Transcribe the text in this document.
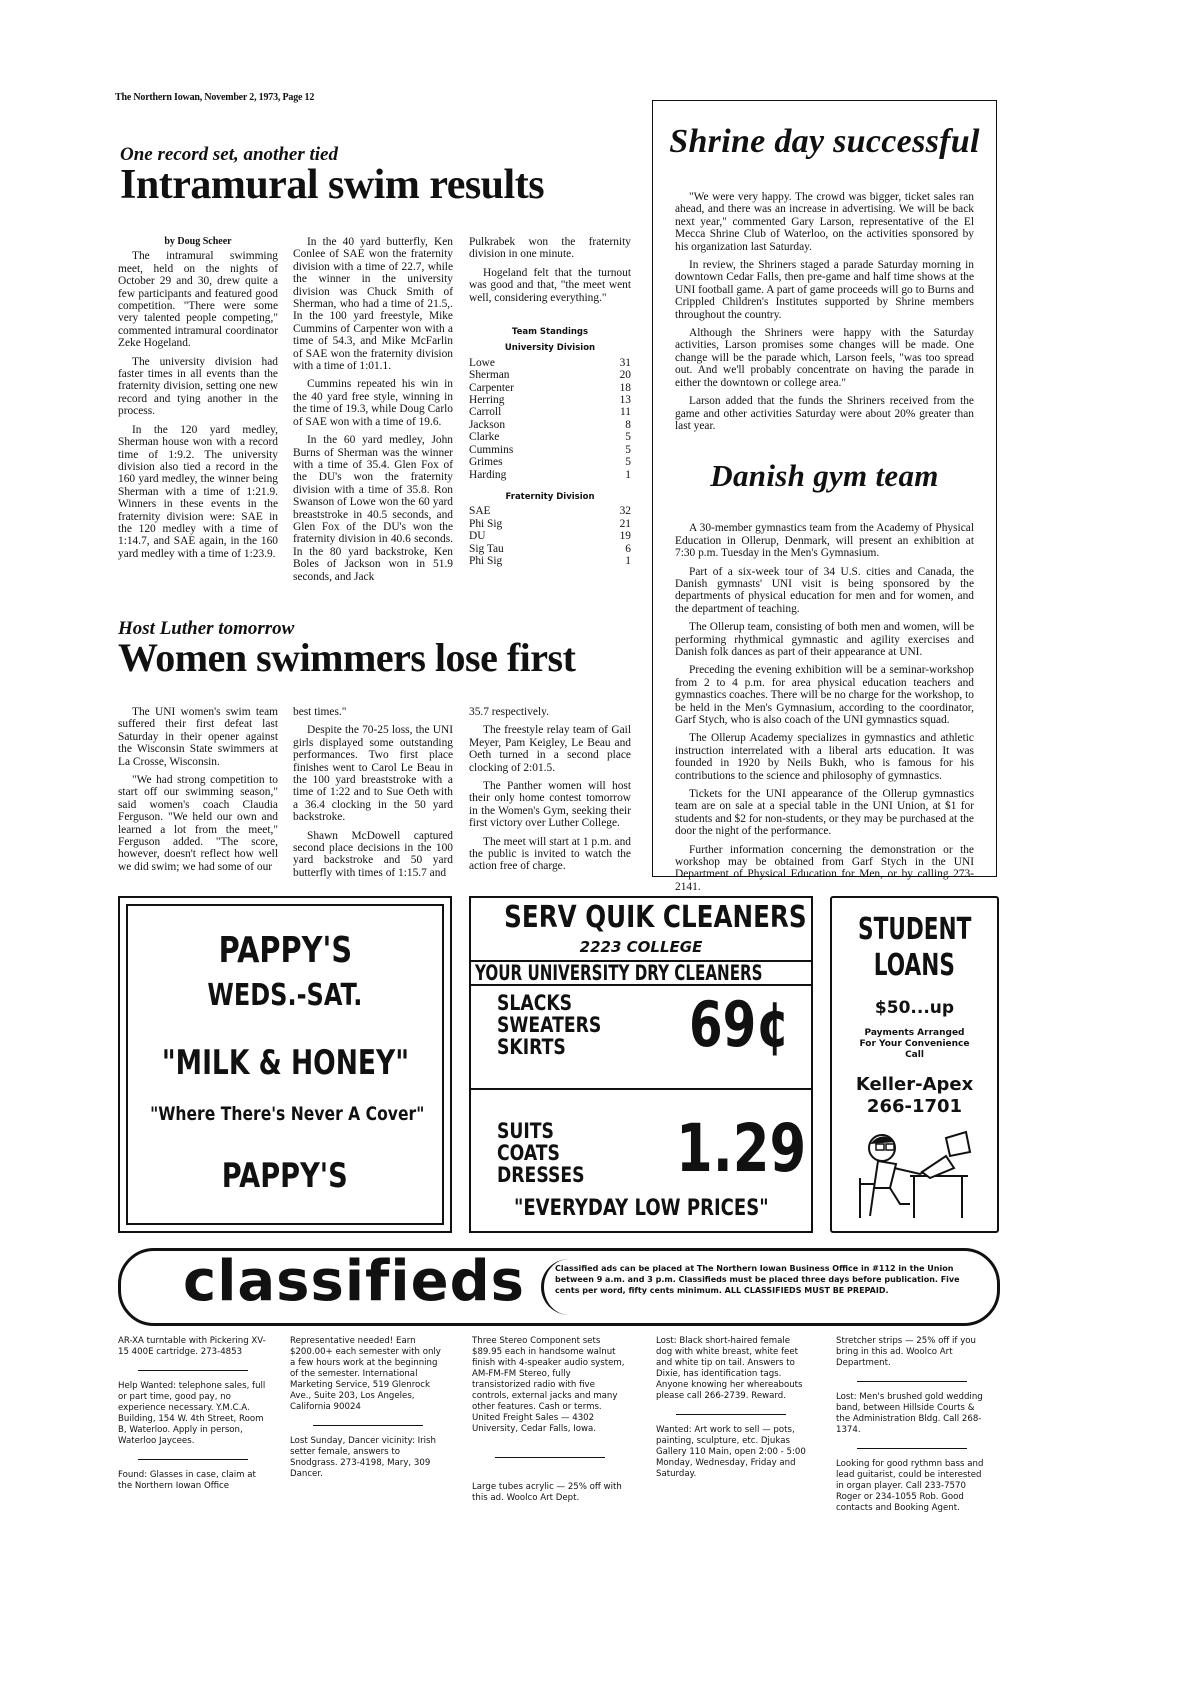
The Northern Iowan, November 2, 1973, Page 12
One record set, another tied
Intramural swim results
by Doug Scheer

The intramural swimming meet, held on the nights of October 29 and 30, drew quite a few participants and featured good competition. "There were some very talented people competing," commented intramural coordinator Zeke Hogeland.

The university division had faster times in all events than the fraternity division, setting one new record and tying another in the process.

In the 120 yard medley, Sherman house won with a record time of 1:9.2. The university division also tied a record in the 160 yard medley, the winner being Sherman with a time of 1:21.9. Winners in these events in the fraternity division were: SAE in the 120 medley with a time of 1:14.7, and SAE again, in the 160 yard medley with a time of 1:23.9.

In the 40 yard butterfly, Ken Conlee of SAE won the fraternity division with a time of 22.7, while the winner in the university division was Chuck Smith of Sherman, who had a time of 21.5,. In the 100 yard freestyle, Mike Cummins of Carpenter won with a time of 54.3, and Mike McFarlin of SAE won the fraternity division with a time of 1:01.1.

Cummins repeated his win in the 40 yard free style, winning in the time of 19.3, while Doug Carlo of SAE won with a time of 19.6.

In the 60 yard medley, John Burns of Sherman was the winner with a time of 35.4. Glen Fox of the DU's won the fraternity division with a time of 35.8. Ron Swanson of Lowe won the 60 yard breaststroke in 40.5 seconds, and Glen Fox of the DU's won the fraternity division in 40.6 seconds. In the 80 yard backstroke, Ken Boles of Jackson won in 51.9 seconds, and Jack

Pulkrabek won the fraternity division in one minute.

Hogeland felt that the turnout was good and that, "the meet went well, considering everything."

Team Standings
University Division
Lowe	31
Sherman	20
Carpenter	18
Herring	13
Carroll	11
Jackson	8
Clarke	5
Cummins	5
Grimes	5
Harding	1
Fraternity Division
SAE	32
Phi Sig	21
DU	19
Sig Tau	6
Phi Sig	1
Host Luther tomorrow
Women swimmers lose first

The UNI women's swim team suffered their first defeat last Saturday in their opener against the Wisconsin State swimmers at La Crosse, Wisconsin.

"We had strong competition to start off our swimming season," said women's coach Claudia Ferguson. "We held our own and learned a lot from the meet," Ferguson added. "The score, however, doesn't reflect how well we did swim; we had some of our

best times."

Despite the 70-25 loss, the UNI girls displayed some outstanding performances. Two first place finishes went to Carol Le Beau in the 100 yard breaststroke with a time of 1:22 and to Sue Oeth with a 36.4 clocking in the 50 yard backstroke.

Shawn McDowell captured second place decisions in the 100 yard backstroke and 50 yard butterfly with times of 1:15.7 and

35.7 respectively.

The freestyle relay team of Gail Meyer, Pam Keigley, Le Beau and Oeth turned in a second place clocking of 2:01.5.

The Panther women will host their only home contest tomorrow in the Women's Gym, seeking their first victory over Luther College.

The meet will start at 1 p.m. and the public is invited to watch the action free of charge.

Shrine day successful

"We were very happy. The crowd was bigger, ticket sales ran ahead, and there was an increase in advertising. We will be back next year," commented Gary Larson, representative of the El Mecca Shrine Club of Waterloo, on the activities sponsored by his organization last Saturday.

In review, the Shriners staged a parade Saturday morning in downtown Cedar Falls, then pre-game and half time shows at the UNI football game. A part of game proceeds will go to Burns and Crippled Children's Institutes supported by Shrine members throughout the country.

Although the Shriners were happy with the Saturday activities, Larson promises some changes will be made. One change will be the parade which, Larson feels, "was too spread out. And we'll probably concentrate on having the parade in either the downtown or college area."

Larson added that the funds the Shriners received from the game and other activities Saturday were about 20% greater than last year.

Danish gym team

A 30-member gymnastics team from the Academy of Physical Education in Ollerup, Denmark, will present an exhibition at 7:30 p.m. Tuesday in the Men's Gymnasium.

Part of a six-week tour of 34 U.S. cities and Canada, the Danish gymnasts' UNI visit is being sponsored by the departments of physical education for men and for women, and the department of teaching.

The Ollerup team, consisting of both men and women, will be performing rhythmical gymnastic and agility exercises and Danish folk dances as part of their appearance at UNI.

Preceding the evening exhibition will be a seminar-workshop from 2 to 4 p.m. for area physical education teachers and gymnastics coaches. There will be no charge for the workshop, to be held in the Men's Gymnasium, according to the coordinator, Garf Stych, who is also coach of the UNI gymnastics squad.

The Ollerup Academy specializes in gymnastics and athletic instruction interrelated with a liberal arts education. It was founded in 1920 by Neils Bukh, who is famous for his contributions to the science and philosophy of gymnastics.

Tickets for the UNI appearance of the Ollerup gymnastics team are on sale at a special table in the UNI Union, at $1 for students and $2 for non-students, or they may be purchased at the door the night of the performance.

Further information concerning the demonstration or the workshop may be obtained from Garf Stych in the UNI Department of Physical Education for Men, or by calling 273-2141.

PAPPY'S
WEDS.-SAT.
"MILK & HONEY"
"Where There's Never A Cover"
PAPPY'S
SERV QUIK CLEANERS
2223 COLLEGE
YOUR UNIVERSITY DRY CLEANERS
SLACKS
SWEATERS
SKIRTS	69¢
SUITS
COATS
DRESSES 1.29
"EVERYDAY LOW PRICES"
STUDENT
LOANS
$50...up
Payments Arranged
For Your Convenience
Call
Keller-Apex
266-1701
classifieds	Classified ads can be placed at The Northern Iowan Business Office in #112 in the Union between 9 a.m. and 3 p.m. Classifieds must be placed three days before publication. Five cents per word, fifty cents minimum. ALL CLASSIFIEDS MUST BE PREPAID.

AR-XA turntable with Pickering XV-15 400E cartridge. 273-4853

Help Wanted: telephone sales, full or part time, good pay, no experience necessary. Y.M.C.A. Building, 154 W. 4th Street, Room B, Waterloo. Apply in person, Waterloo Jaycees.

Found: Glasses in case, claim at the Northern Iowan Office

Representative needed! Earn $200.00+ each semester with only a few hours work at the beginning of the semester. International Marketing Service, 519 Glenrock Ave., Suite 203, Los Angeles, California 90024

Lost Sunday, Dancer vicinity: Irish setter female, answers to Snodgrass. 273-4198, Mary, 309 Dancer.

Three Stereo Component sets $89.95 each in handsome walnut finish with 4-speaker audio system, AM-FM-FM Stereo, fully transistorized radio with five controls, external jacks and many other features. Cash or terms. United Freight Sales — 4302 University, Cedar Falls, Iowa.

Large tubes acrylic — 25% off with this ad. Woolco Art Dept.

Lost: Black short-haired female dog with white breast, white feet and white tip on tail. Answers to Dixie, has identification tags. Anyone knowing her whereabouts please call 266-2739. Reward.

Wanted: Art work to sell — pots, painting, sculpture, etc. Djukas Gallery 110 Main, open 2:00 - 5:00 Monday, Wednesday, Friday and Saturday.

Stretcher strips — 25% off if you bring in this ad. Woolco Art Department.

Lost: Men's brushed gold wedding band, between Hillside Courts & the Administration Bldg. Call 268-1374.

Looking for good rythmn bass and lead guitarist, could be interested in organ player. Call 233-7570 Roger or 234-1055 Rob. Good contacts and Booking Agent.
